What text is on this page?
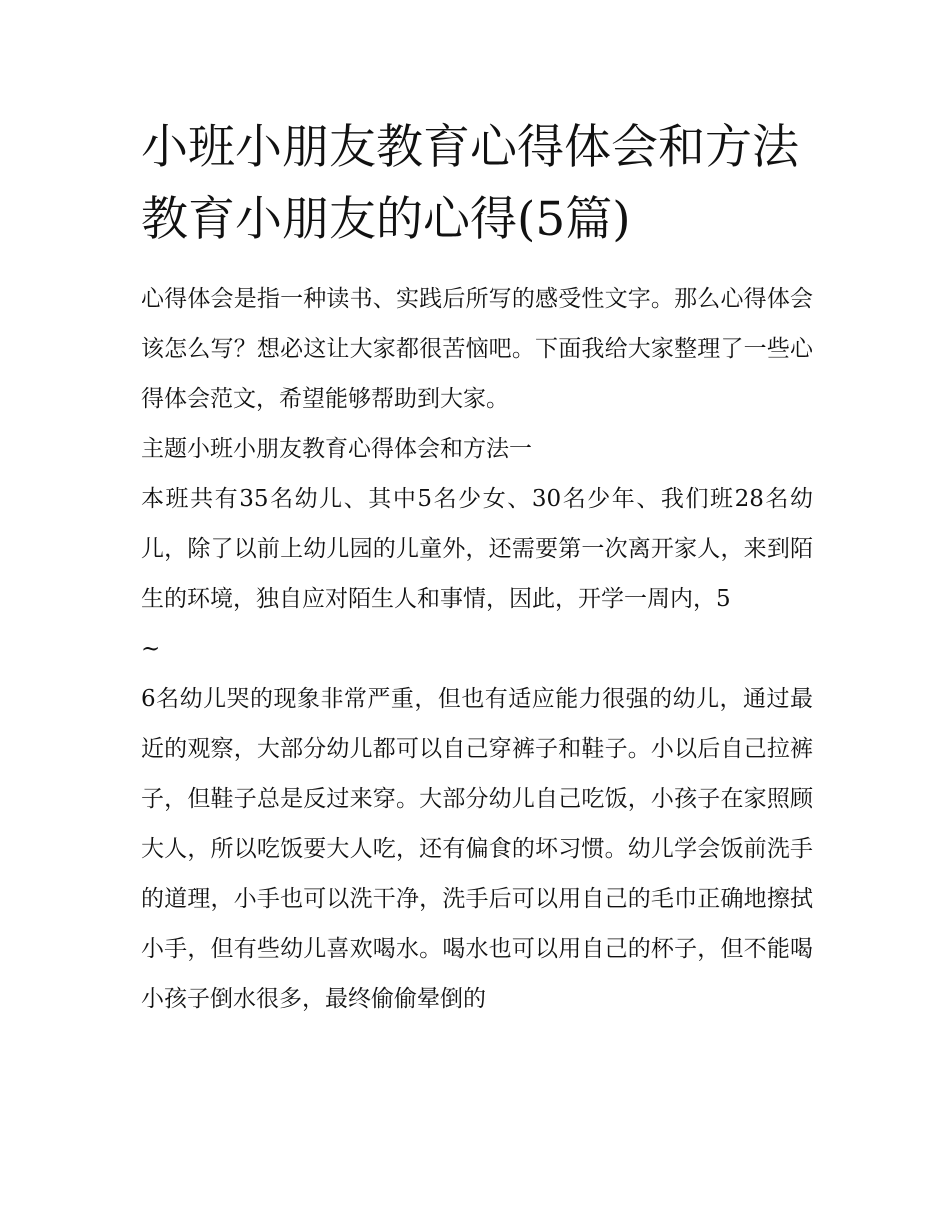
小班小朋友教育心得体会和方法 教育小朋友的心得(5篇)

心得体会是指一种读书、实践后所写的感受性文字。那么心得体会该怎么写？想必这让大家都很苦恼吧。下面我给大家整理了一些心得体会范文，希望能够帮助到大家。

主题小班小朋友教育心得体会和方法一

本班共有35名幼儿、其中5名少女、30名少年、我们班28名幼儿，除了以前上幼儿园的儿童外，还需要第一次离开家人，来到陌生的环境，独自应对陌生人和事情，因此，开学一周内，5

~

6名幼儿哭的现象非常严重，但也有适应能力很强的幼儿，通过最近的观察，大部分幼儿都可以自己穿裤子和鞋子。小以后自己拉裤子，但鞋子总是反过来穿。大部分幼儿自己吃饭，小孩子在家照顾大人，所以吃饭要大人吃，还有偏食的坏习惯。幼儿学会饭前洗手的道理，小手也可以洗干净，洗手后可以用自己的毛巾正确地擦拭小手，但有些幼儿喜欢喝水。喝水也可以用自己的杯子，但不能喝小孩子倒水很多，最终偷偷晕倒的
